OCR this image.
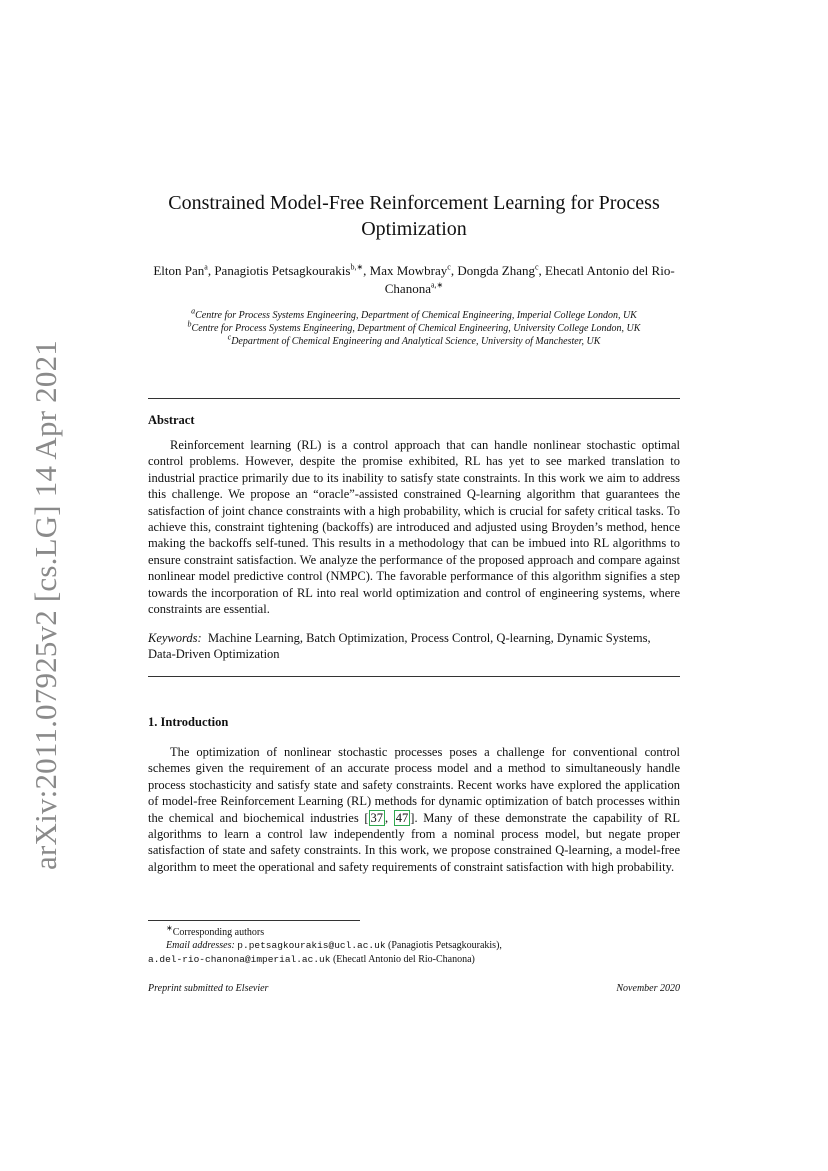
arXiv:2011.07925v2 [cs.LG] 14 Apr 2021
Constrained Model-Free Reinforcement Learning for Process
Optimization
Elton Pan$^a$, Panagiotis Petsagkourakis$^{b,∗}$, Max Mowbray$^c$, Dongda Zhang$^c$, Ehecatl Antonio del Rio-Chanona$^{a,∗}$
$^a$Centre for Process Systems Engineering, Department of Chemical Engineering, Imperial College London, UK
$^b$Centre for Process Systems Engineering, Department of Chemical Engineering, University College London, UK
$^c$Department of Chemical Engineering and Analytical Science, University of Manchester, UK
Abstract
Reinforcement learning (RL) is a control approach that can handle nonlinear stochastic optimal control problems. However, despite the promise exhibited, RL has yet to see marked translation to industrial practice primarily due to its inability to satisfy state constraints. In this work we aim to address this challenge. We propose an “oracle”-assisted constrained Q-learning algorithm that guarantees the satisfaction of joint chance constraints with a high probability, which is crucial for safety critical tasks. To achieve this, constraint tightening (backoffs) are introduced and adjusted using Broyden’s method, hence making the backoffs self-tuned. This results in a methodology that can be imbued into RL algorithms to ensure constraint satisfaction. We analyze the performance of the proposed approach and compare against nonlinear model predictive control (NMPC). The favorable performance of this algorithm signifies a step towards the incorporation of RL into real world optimization and control of engineering systems, where constraints are essential.
Keywords: Machine Learning, Batch Optimization, Process Control, Q-learning, Dynamic Systems, Data-Driven Optimization
1. Introduction
The optimization of nonlinear stochastic processes poses a challenge for conventional control schemes given the requirement of an accurate process model and a method to simultaneously handle process stochasticity and satisfy state and safety constraints. Recent works have explored the application of model-free Reinforcement Learning (RL) methods for dynamic optimization of batch processes within the chemical and biochemical industries [ 37 , 47 ]. Many of these demonstrate the capability of RL algorithms to learn a control law independently from a nominal process model, but negate proper satisfaction of state and safety constraints. In this work, we propose constrained Q-learning, a model-free algorithm to meet the operational and safety requirements of constraint satisfaction with high probability.
∗Corresponding authors
Email addresses: p.petsagkourakis@ucl.ac.uk (Panagiotis Petsagkourakis),
a.del-rio-chanona@imperial.ac.uk (Ehecatl Antonio del Rio-Chanona)
Preprint submitted to Elsevier	November 2020
